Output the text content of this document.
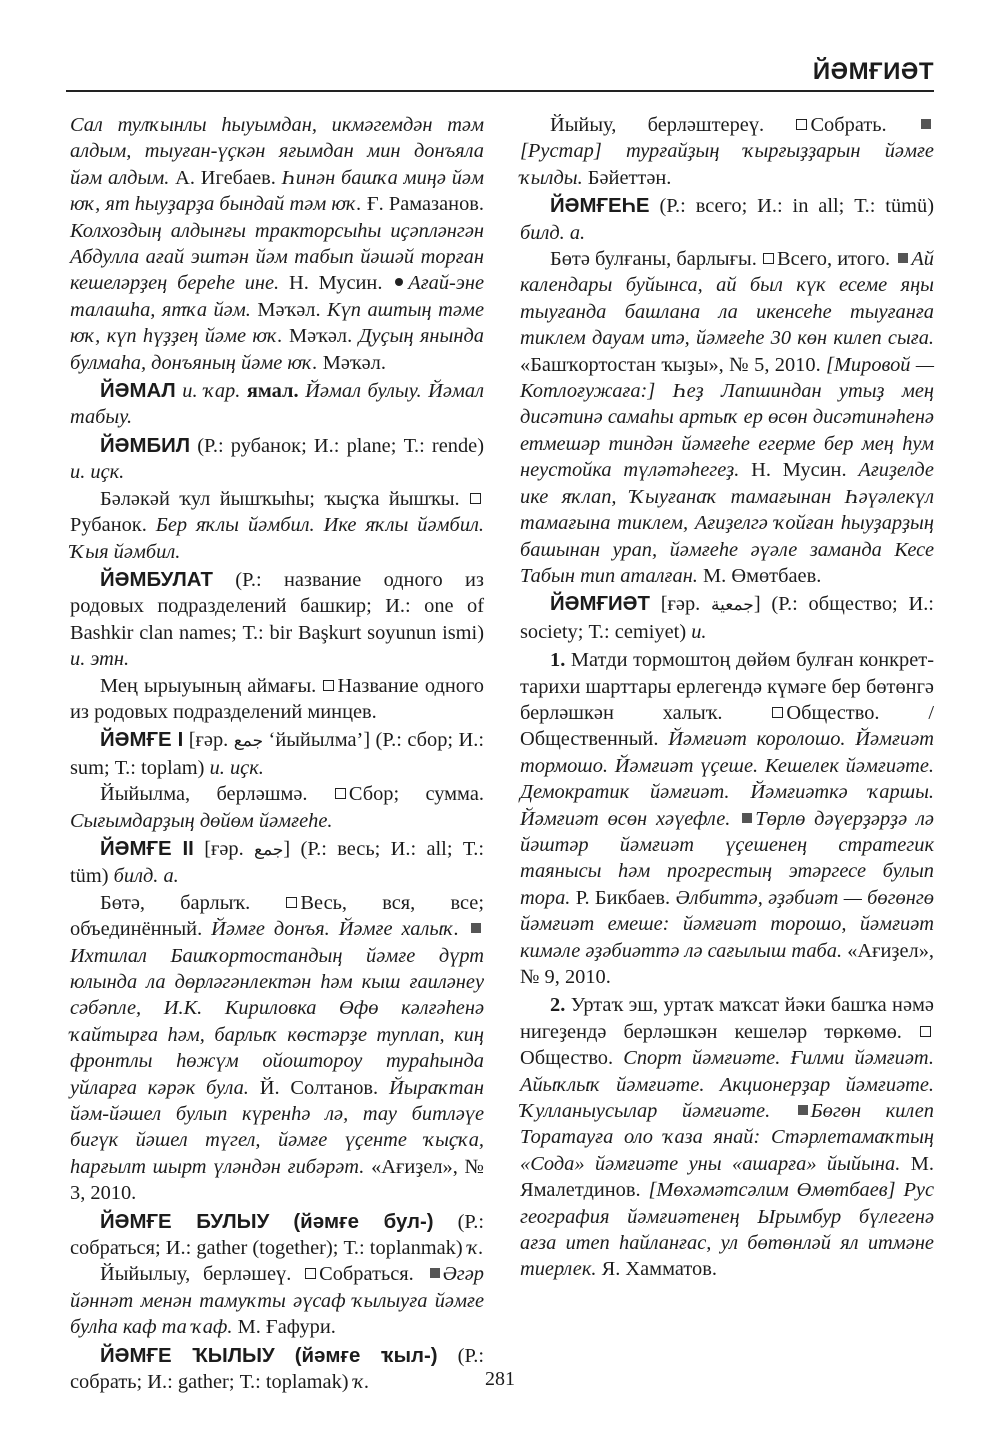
ЙӘМҒИӘТ

Сал тулҡынлы һыуымдан, икмәгемдән тәм алдым, тыуған-үҫкән яғымдан мин донъяла йәм алдым. А. Игебаев. Һинән башҡа миңә йәм юҡ, ят һыуҙарҙа бындай тәм юҡ. Ғ. Рамазанов. Колхоздың алдынғы тракторсыһы иҫәпләнгән Абдулла ағай эштән йәм табып йәшәй торған кешеләрҙең береһе ине. Н. Мусин. Ағай-эне талашһа, ятҡа йәм. Мәҡәл. Күп аштың тәме юҡ, күп һүҙҙең йәме юҡ. Мәҡәл. Дуҫың янында булмаһа, донъяның йәме юҡ. Мәҡәл.

ЙӘМАЛ и. ҡар. ямал. Йәмал булыу. Йәмал табыу.

ЙӘМБИЛ (Р.: рубанок; И.: plane; Т.: rende) и. иҫк.

Бәләкәй ҡул йышҡыһы; ҡыҫҡа йышҡы. Рубанок. Бер яҡлы йәмбил. Ике яҡлы йәмбил. Ҡыя йәмбил.

ЙӘМБУЛАТ (Р.: название одного из родовых подразделений башкир; И.: one of Bashkir clan names; Т.: bir Başkurt soyunun ismi) и. этн.

Мең ырыуының аймағы. Название одного из родовых подразделений минцев.

ЙӘМҒЕ I [ғәр. جمع ‘йыйылма’] (Р.: сбор; И.: sum; Т.: toplam) и. иҫк.

Йыйылма, берләшмә. Сбор; сумма. Сығымдарҙың дөйөм йәмғеһе.

ЙӘМҒЕ II [ғәр. جمع] (Р.: весь; И.: all; Т.: tüm) билд. а.

Бөтә, барлыҡ. Весь, вся, все; объединённый. Йәмғе донъя. Йәмғе халыҡ. Ихтилал Башҡортостандың йәмғе дүрт юлында ла дөрләгәнлектән һәм кыш ғаиләнеу сәбәпле, И.К. Кириловка Өфө кәлғәһенә ҡайтырға һәм, барлыҡ көстәрҙе туплап, киң фронтлы һөжүм ойоштороу тураһында уйларға кәрәк була. Й. Солтанов. Йыраҡтан йәм-йәшел булып күренһә лә, тау битләүе бигүк йәшел түгел, йәмғе үҫенте ҡыҫҡа, һарғылт шырт үләндән ғибәрәт. «Ағиҙел», № 3, 2010.

ЙӘМҒЕ БУЛЫУ (йәмғе бул-) (Р.: собраться; И.: gather (together); Т.: toplanmak) ҡ.

Йыйылыу, берләшеү. Собраться. Әгәр йәннәт менән тамуҡты әүсаф ҡылыуға йәмғе булһа каф та ҡаф. М. Ғафури.

ЙӘМҒЕ ҠЫЛЫУ (йәмғе ҡыл-) (Р.: собрать; И.: gather; Т.: toplamak) ҡ.

Йыйыу, берләштереү. Собрать. [Рустар] турғайҙың ҡырғыҙҙарын йәмғе ҡылды. Бәйеттән.

ЙӘМҒЕҺЕ (Р.: всего; И.: in all; Т.: tümü) билд. а.

Бөтә булғаны, барлығы. Всего, итого. Ай календары буйынса, ай был күк есеме яңы тыуғанда башлана ла икенсеһе тыуғанға тиклем дауам итә, йәмғеһе 30 көн килеп сыға. «Башҡортостан ҡыҙы», № 5, 2010. [Мировой — Котлоғужаға:] Һеҙ Лапшиндан утыҙ мең дисәтинә самаһы артыҡ ер өсөн дисәтинәһенә етмешәр тиндән йәмғеһе егерме бер мең һум неустойка түләтәһегеҙ. Н. Мусин. Ағиҙелде ике яҡлап, Ҡыуғанаҡ тамағынан Һәүәлекүл тамағына тиклем, Ағиҙелгә ҡойған һыуҙарҙың башынан урап, йәмғеһе әүәле заманда Кесе Табын тип аталған. М. Өмөтбаев.

ЙӘМҒИӘТ [ғәр. جمعية] (Р.: общество; И.: society; Т.: cemiyet) и.

1. Матди тормоштоң дөйөм булған конкрет-тарихи шарттары ерлегендә күмәге бер бөтөнгә берләшкән халыҡ.	Общество. / Общественный. Йәмғиәт королошо. Йәмғиәт тормошо. Йәмғиәт үҫеше. Кешелек йәмғиәте. Демократик йәмғиәт. Йәмғиәткә ҡаршы. Йәмғиәт өсөн хәүефле. Төрлө дәүерҙәрҙә лә йәштәр йәмғиәт үҫешенең стратегик таянысы һәм прогрестың этәргесе булып тора. Р. Бикбаев. Әлбиттә, әҙәбиәт — бөгөнгө йәмғиәт емеше: йәмғиәт торошо, йәмғиәт кимәле әҙәбиәттә лә сағылыш таба. «Ағиҙел», № 9, 2010.

2. Уртаҡ эш, уртаҡ маҡсат йәки башҡа нәмә нигеҙендә берләшкән кешеләр төркөмө. Общество. Спорт йәмғиәте. Ғилми йәмғиәт. Айыҡлыҡ йәмғиәте. Акционерҙар йәмғиәте. Ҡулланыусылар йәмғиәте. Бөгөн килеп Торатауға оло ҡаза янай: Стәрлетамаҡтың «Сода» йәмғиәте уны «ашарға» йыйына. М. Ямалетдинов. [Мөхәмәтсәлим Өмөтбаев] Рус география йәмғиәтенең Ырымбур бүлегенә ағза итеп һайланғас, ул бөтөнләй ял итмәне тиерлек. Я. Хамматов.

281
